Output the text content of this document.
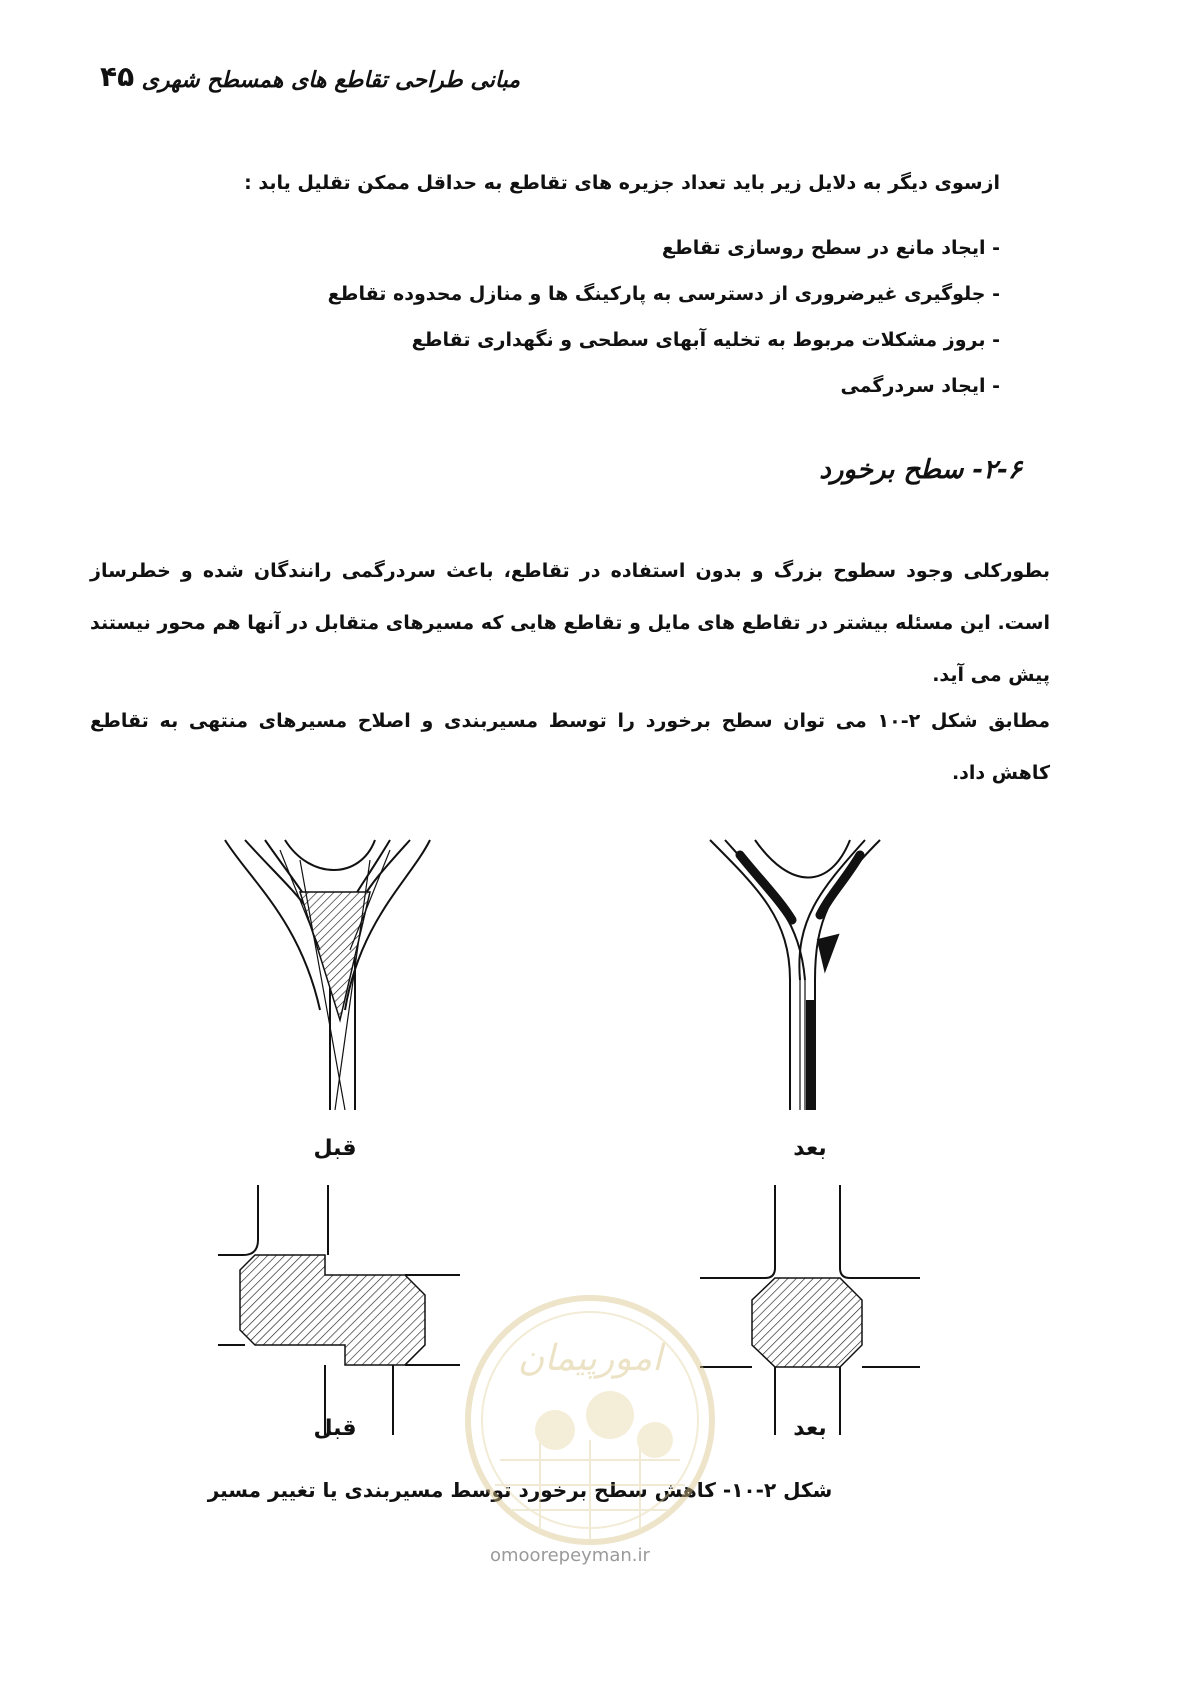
۴۵ مبانی طراحی تقاطع های همسطح شهری
ازسوی دیگر به دلایل زیر باید تعداد جزیره های تقاطع به حداقل ممکن تقلیل یابد :
- ایجاد مانع در سطح روسازی تقاطع
- جلوگیری غیرضروری از دسترسی به پارکینگ ها و منازل محدوده تقاطع
- بروز مشکلات مربوط به تخلیه آبهای سطحی و نگهداری تقاطع
- ایجاد سردرگمی
۲-۶- سطح برخورد
بطورکلی وجود سطوح بزرگ و بدون استفاده در تقاطع، باعث سردرگمی رانندگان شده و خطرساز است. این مسئله بیشتر در تقاطع های مایل و تقاطع هایی که مسیرهای متقابل در آنها هم محور نیستند پیش می آید.
مطابق شکل ۲-۱۰ می توان سطح برخورد را توسط مسیربندی و اصلاح مسیرهای منتهی به تقاطع کاهش داد.
قبل	بعد
قبل	بعد
شکل ۲-۱۰- کاهش سطح برخورد توسط مسیربندی یا تغییر مسیر
امورپیمان
omoorepeyman.ir
